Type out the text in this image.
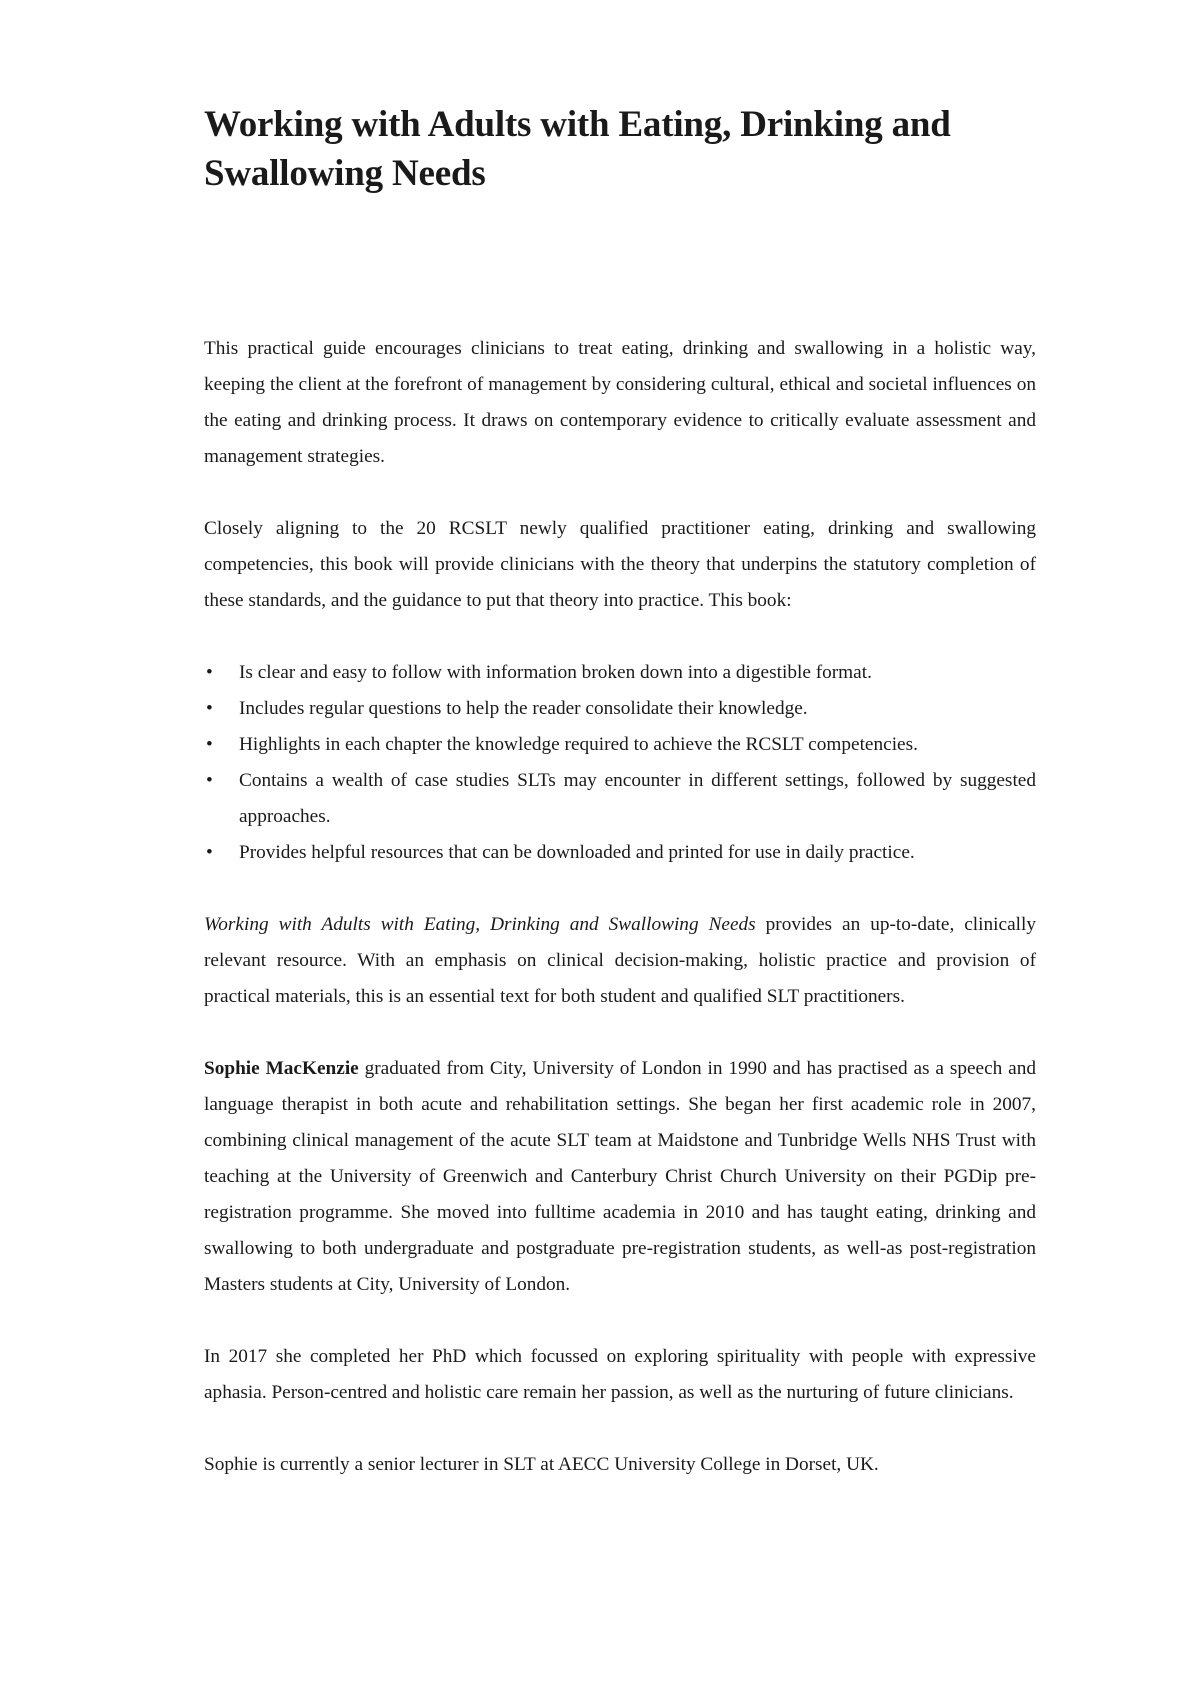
Working with Adults with Eating, Drinking and Swallowing Needs

This practical guide encourages clinicians to treat eating, drinking and swallowing in a holistic way, keeping the client at the forefront of management by considering cultural, ethical and societal influences on the eating and drinking process. It draws on contemporary evidence to critically evaluate assessment and management strategies.

Closely aligning to the 20 RCSLT newly qualified practitioner eating, drinking and swallowing competencies, this book will provide clinicians with the theory that underpins the statutory completion of these standards, and the guidance to put that theory into practice. This book:

• Is clear and easy to follow with information broken down into a digestible format.
• Includes regular questions to help the reader consolidate their knowledge.
• Highlights in each chapter the knowledge required to achieve the RCSLT competencies.
• Contains a wealth of case studies SLTs may encounter in different settings, followed by suggested approaches.
• Provides helpful resources that can be downloaded and printed for use in daily practice.

Working with Adults with Eating, Drinking and Swallowing Needs provides an up-to-date, clinically relevant resource. With an emphasis on clinical decision-making, holistic practice and provision of practical materials, this is an essential text for both student and qualified SLT practitioners.

Sophie MacKenzie graduated from City, University of London in 1990 and has practised as a speech and language therapist in both acute and rehabilitation settings. She began her first academic role in 2007, combining clinical management of the acute SLT team at Maidstone and Tunbridge Wells NHS Trust with teaching at the University of Greenwich and Canterbury Christ Church University on their PGDip pre-registration programme. She moved into fulltime academia in 2010 and has taught eating, drinking and swallowing to both undergraduate and postgraduate pre-registration students, as well-as post-registration Masters students at City, University of London.

In 2017 she completed her PhD which focussed on exploring spirituality with people with expressive aphasia. Person-centred and holistic care remain her passion, as well as the nurturing of future clinicians.

Sophie is currently a senior lecturer in SLT at AECC University College in Dorset, UK.
